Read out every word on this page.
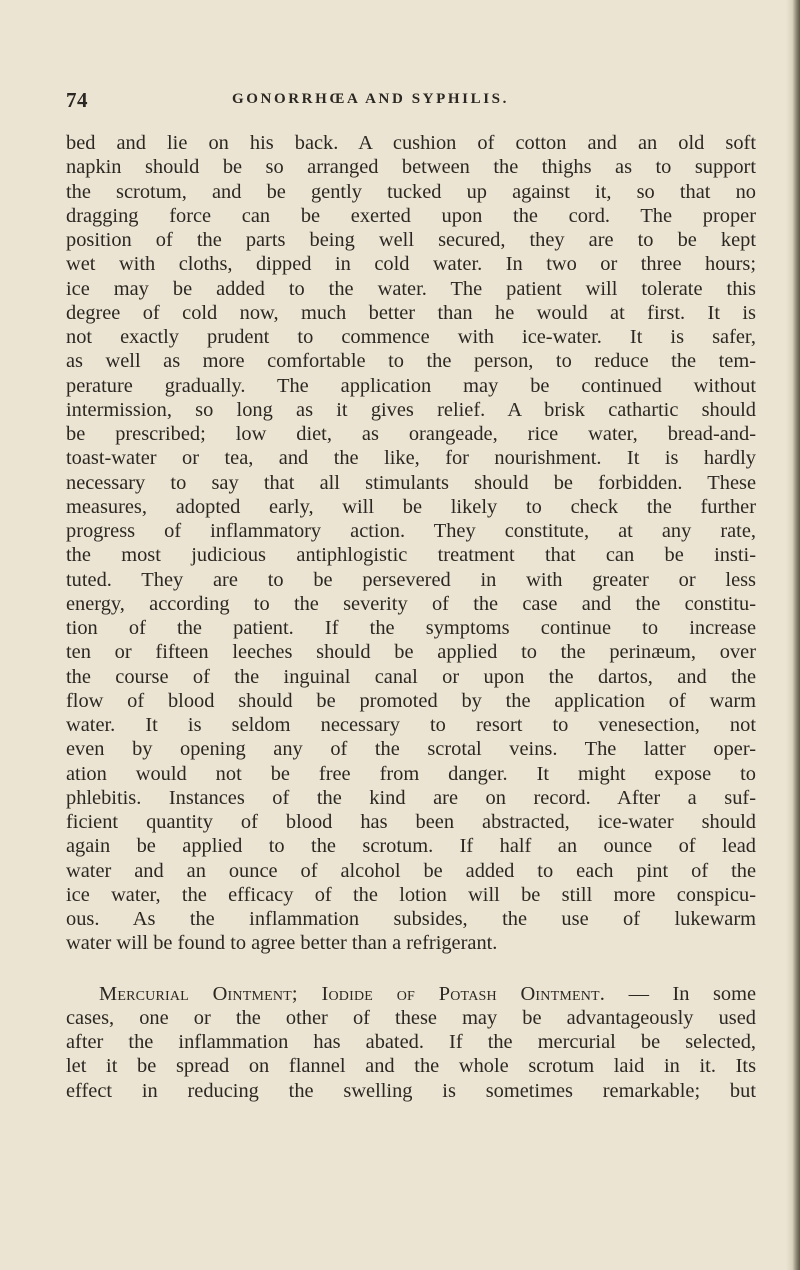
74	GONORRHŒA AND SYPHILIS.
bed and lie on his back. A cushion of cotton and an old soft
napkin should be so arranged between the thighs as to support
the scrotum, and be gently tucked up against it, so that no
dragging force can be exerted upon the cord. The proper
position of the parts being well secured, they are to be kept
wet with cloths, dipped in cold water. In two or three hours;
ice may be added to the water. The patient will tolerate this
degree of cold now, much better than he would at first. It is
not exactly prudent to commence with ice-water. It is safer,
as well as more comfortable to the person, to reduce the tem-
perature gradually. The application may be continued without
intermission, so long as it gives relief. A brisk cathartic should
be prescribed; low diet, as orangeade, rice water, bread-and-
toast-water or tea, and the like, for nourishment. It is hardly
necessary to say that all stimulants should be forbidden. These
measures, adopted early, will be likely to check the further
progress of inflammatory action. They constitute, at any rate,
the most judicious antiphlogistic treatment that can be insti-
tuted. They are to be persevered in with greater or less
energy, according to the severity of the case and the constitu-
tion of the patient. If the symptoms continue to increase
ten or fifteen leeches should be applied to the perinæum, over
the course of the inguinal canal or upon the dartos, and the
flow of blood should be promoted by the application of warm
water. It is seldom necessary to resort to venesection, not
even by opening any of the scrotal veins. The latter oper-
ation would not be free from danger. It might expose to
phlebitis. Instances of the kind are on record. After a suf-
ficient quantity of blood has been abstracted, ice-water should
again be applied to the scrotum. If half an ounce of lead
water and an ounce of alcohol be added to each pint of the
ice water, the efficacy of the lotion will be still more conspicu-
ous. As the inflammation subsides, the use of lukewarm
water will be found to agree better than a refrigerant.
Mercurial Ointment; Iodide of Potash Ointment. — In some
cases, one or the other of these may be advantageously used
after the inflammation has abated. If the mercurial be selected,
let it be spread on flannel and the whole scrotum laid in it. Its
effect in reducing the swelling is sometimes remarkable; but
